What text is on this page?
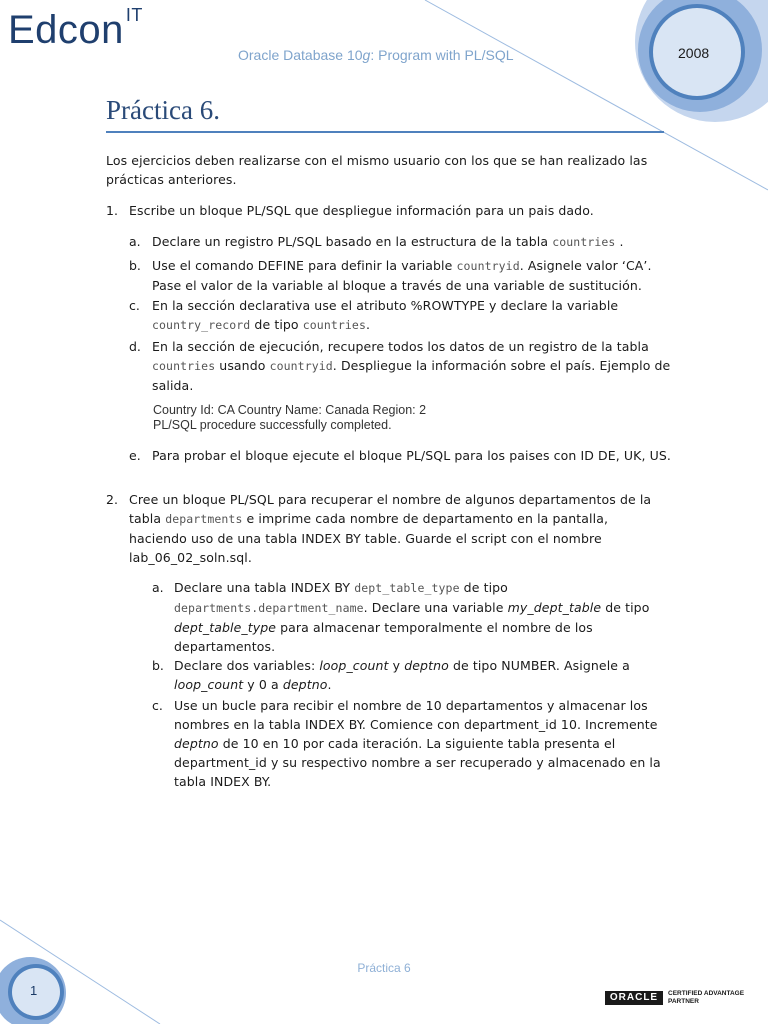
Edcon $^{IT}$
Oracle Database 10g: Program with PL/SQL	2008
Práctica 6.
Los ejercicios deben realizarse con el mismo usuario con los que se han realizado las
prácticas anteriores.
1. Escribe un bloque PL/SQL que despliegue información para un pais dado.
a. Declare un registro PL/SQL basado en la estructura de la tabla countries .
b. Use el comando DEFINE para definir la variable countryid. Asignele valor ‘CA’.
Pase el valor de la variable al bloque a través de una variable de sustitución.
c. En la sección declarativa use el atributo %ROWTYPE y declare la variable
country_record de tipo countries.
d. En la sección de ejecución, recupere todos los datos de un registro de la tabla
countries usando countryid. Despliegue la información sobre el país. Ejemplo de
salida.
Country Id: CA Country Name: Canada Region: 2
PL/SQL procedure successfully completed.
e. Para probar el bloque ejecute el bloque PL/SQL para los paises con ID DE, UK, US.
2. Cree un bloque PL/SQL para recuperar el nombre de algunos departamentos de la
tabla departments e imprime cada nombre de departamento en la pantalla,
haciendo uso de una tabla INDEX BY table. Guarde el script con el nombre
lab_06_02_soln.sql.
a. Declare una tabla INDEX BY dept_table_type de tipo
departments.department_name. Declare una variable my_dept_table de tipo
dept_table_type para almacenar temporalmente el nombre de los
departamentos.
b. Declare dos variables: loop_count y deptno de tipo NUMBER. Asignele a
loop_count y 0 a deptno.
c. Use un bucle para recibir el nombre de 10 departamentos y almacenar los
nombres en la tabla INDEX BY. Comience con department_id 10. Incremente
deptno de 10 en 10 por cada iteración. La siguiente tabla presenta el
department_id y su respectivo nombre a ser recuperado y almacenado en la
tabla INDEX BY.
Práctica 6
1	ORACLE	CERTIFIED ADVANTAGE
PARTNER
